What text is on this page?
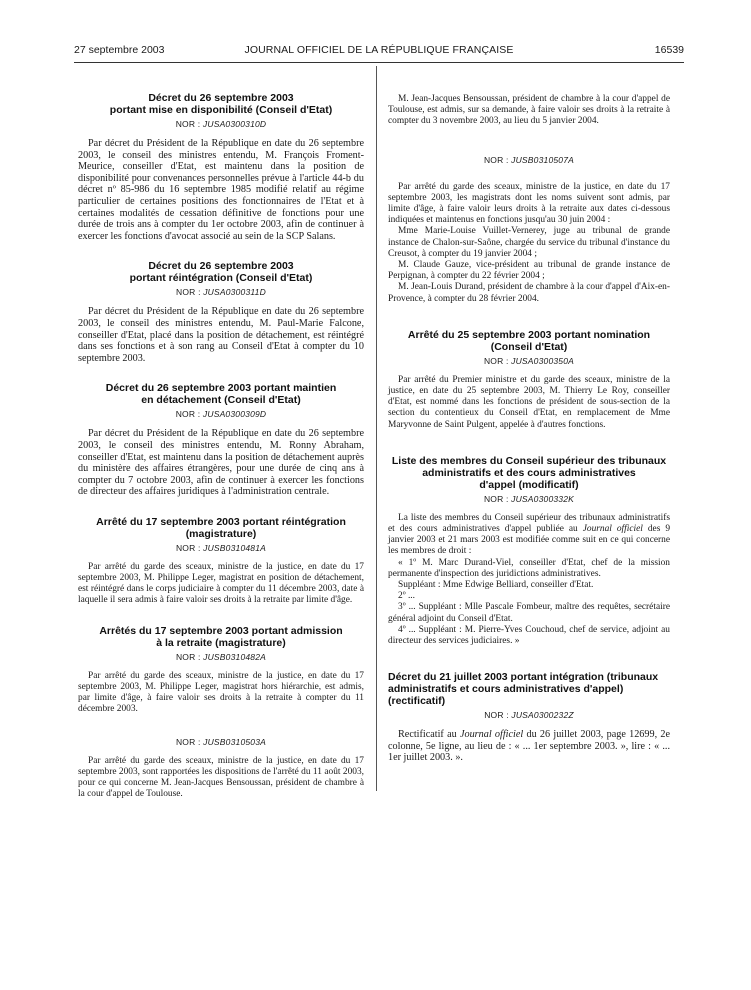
27 septembre 2003	JOURNAL OFFICIEL DE LA RÉPUBLIQUE FRANÇAISE	16539
Décret du 26 septembre 2003
portant mise en disponibilité (Conseil d'Etat)
NOR : JUSA0300310D

Par décret du Président de la République en date du 26 septembre 2003, le conseil des ministres entendu, M. François Froment-Meurice, conseiller d'Etat, est maintenu dans la position de disponibilité pour convenances personnelles prévue à l'article 44-b du décret nº 85-986 du 16 septembre 1985 modifié relatif au régime particulier de certaines positions des fonctionnaires de l'Etat et à certaines modalités de cessation définitive de fonctions pour une durée de trois ans à compter du 1er octobre 2003, afin de continuer à exercer les fonctions d'avocat associé au sein de la SCP Salans.

Décret du 26 septembre 2003
portant réintégration (Conseil d'Etat)
NOR : JUSA0300311D

Par décret du Président de la République en date du 26 septembre 2003, le conseil des ministres entendu, M. Paul-Marie Falcone, conseiller d'Etat, placé dans la position de détachement, est réintégré dans ses fonctions et à son rang au Conseil d'Etat à compter du 10 septembre 2003.

Décret du 26 septembre 2003 portant maintien
en détachement (Conseil d'Etat)
NOR : JUSA0300309D

Par décret du Président de la République en date du 26 septembre 2003, le conseil des ministres entendu, M. Ronny Abraham, conseiller d'Etat, est maintenu dans la position de détachement auprès du ministère des affaires étrangères, pour une durée de cinq ans à compter du 7 octobre 2003, afin de continuer à exercer les fonctions de directeur des affaires juridiques à l'administration centrale.

Arrêté du 17 septembre 2003 portant réintégration
(magistrature)
NOR : JUSB0310481A

Par arrêté du garde des sceaux, ministre de la justice, en date du 17 septembre 2003, M. Philippe Leger, magistrat en position de détachement, est réintégré dans le corps judiciaire à compter du 11 décembre 2003, date à laquelle il sera admis à faire valoir ses droits à la retraite par limite d'âge.

Arrêtés du 17 septembre 2003 portant admission
à la retraite (magistrature)
NOR : JUSB0310482A

Par arrêté du garde des sceaux, ministre de la justice, en date du 17 septembre 2003, M. Philippe Leger, magistrat hors hiérarchie, est admis, par limite d'âge, à faire valoir ses droits à la retraite à compter du 11 décembre 2003.

NOR : JUSB0310503A

Par arrêté du garde des sceaux, ministre de la justice, en date du 17 septembre 2003, sont rapportées les dispositions de l'arrêté du 11 août 2003, pour ce qui concerne M. Jean-Jacques Bensoussan, président de chambre à la cour d'appel de Toulouse.

M. Jean-Jacques Bensoussan, président de chambre à la cour d'appel de Toulouse, est admis, sur sa demande, à faire valoir ses droits à la retraite à compter du 3 novembre 2003, au lieu du 5 janvier 2004.

NOR : JUSB0310507A

Par arrêté du garde des sceaux, ministre de la justice, en date du 17 septembre 2003, les magistrats dont les noms suivent sont admis, par limite d'âge, à faire valoir leurs droits à la retraite aux dates ci-dessous indiquées et maintenus en fonctions jusqu'au 30 juin 2004 :

Mme Marie-Louise Vuillet-Vernerey, juge au tribunal de grande instance de Chalon-sur-Saône, chargée du service du tribunal d'instance du Creusot, à compter du 19 janvier 2004 ;

M. Claude Gauze, vice-président au tribunal de grande instance de Perpignan, à compter du 22 février 2004 ;

M. Jean-Louis Durand, président de chambre à la cour d'appel d'Aix-en-Provence, à compter du 28 février 2004.

Arrêté du 25 septembre 2003 portant nomination
(Conseil d'Etat)
NOR : JUSA0300350A

Par arrêté du Premier ministre et du garde des sceaux, ministre de la justice, en date du 25 septembre 2003, M. Thierry Le Roy, conseiller d'Etat, est nommé dans les fonctions de président de sous-section de la section du contentieux du Conseil d'Etat, en remplacement de Mme Maryvonne de Saint Pulgent, appelée à d'autres fonctions.

Liste des membres du Conseil supérieur des tribunaux administratifs et des cours administratives
d'appel (modificatif)
NOR : JUSA0300332K

La liste des membres du Conseil supérieur des tribunaux administratifs et des cours administratives d'appel publiée au Journal officiel des 9 janvier 2003 et 21 mars 2003 est modifiée comme suit en ce qui concerne les membres de droit :

« 1º M. Marc Durand-Viel, conseiller d'Etat, chef de la mission permanente d'inspection des juridictions administratives.

Suppléant : Mme Edwige Belliard, conseiller d'Etat.

2º ...

3º ... Suppléant : Mlle Pascale Fombeur, maître des requêtes, secrétaire général adjoint du Conseil d'Etat.

4º ... Suppléant : M. Pierre-Yves Couchoud, chef de service, adjoint au directeur des services judiciaires. »

Décret du 21 juillet 2003 portant intégration (tribunaux administratifs et cours administratives d'appel) (rectificatif)
NOR : JUSA0300232Z

Rectificatif au Journal officiel du 26 juillet 2003, page 12699, 2e colonne, 5e ligne, au lieu de : « ... 1er septembre 2003. », lire : « ... 1er juillet 2003. ».
